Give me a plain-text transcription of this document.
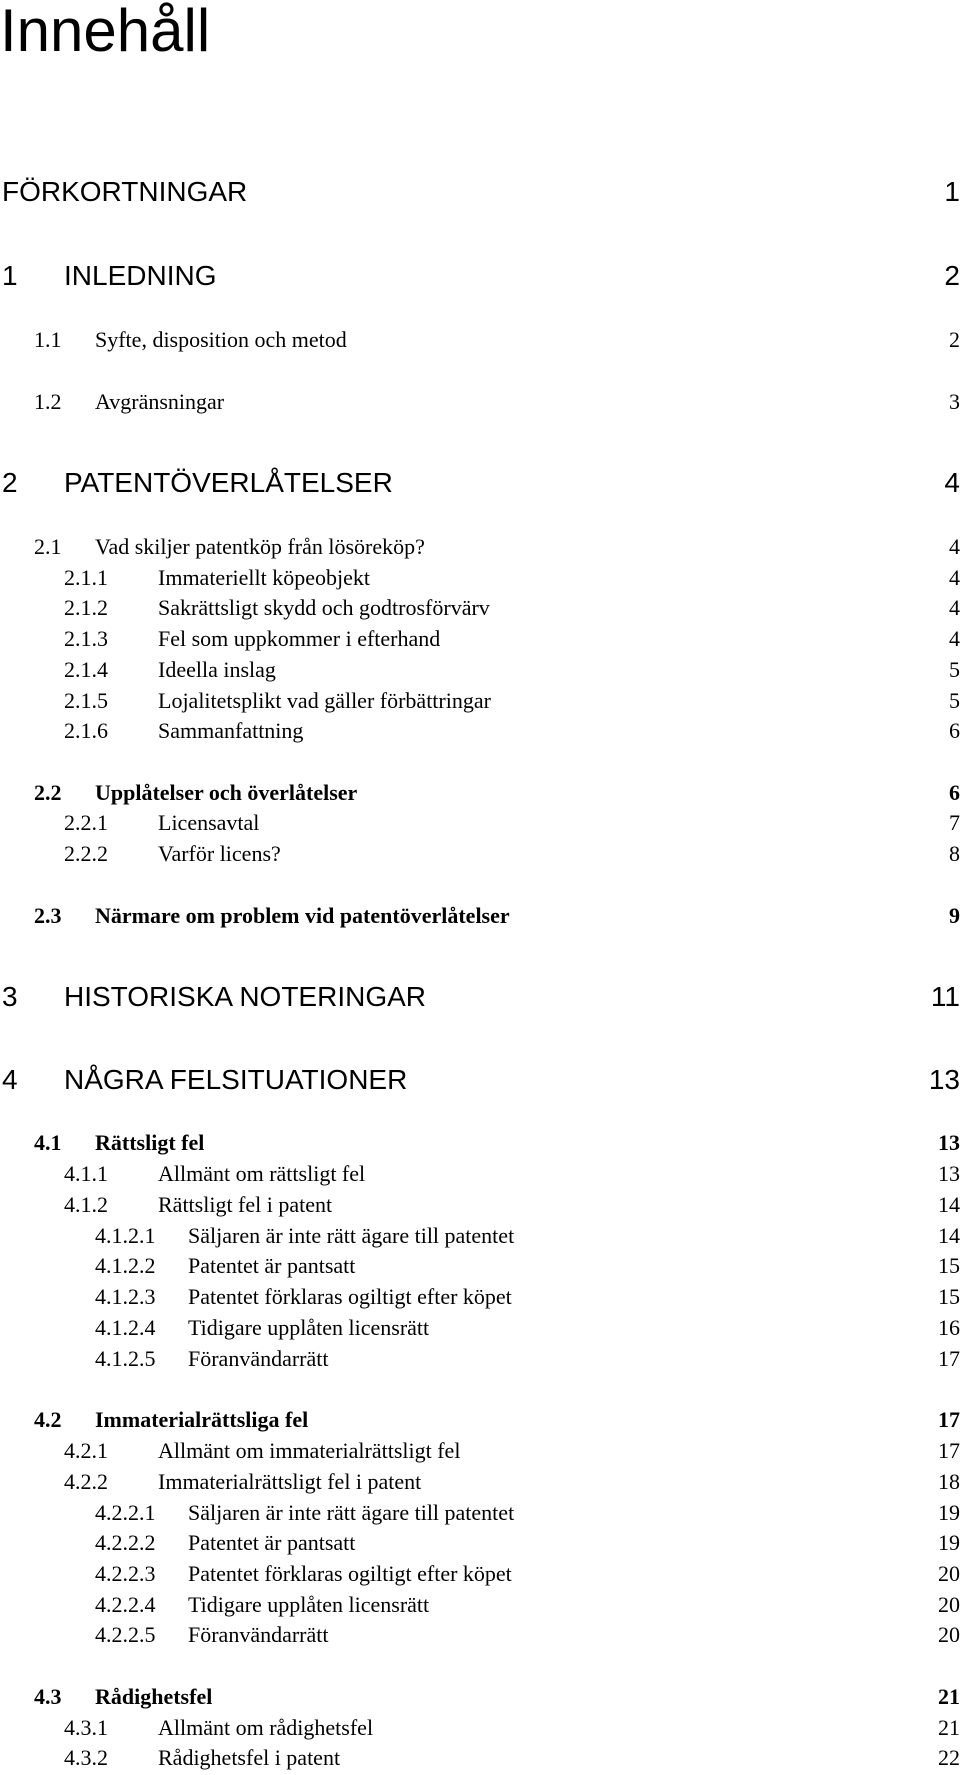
Innehåll
FÖRKORTNINGAR	1
1 INLEDNING	2
1.1 Syfte, disposition och metod	2
1.2 Avgränsningar	3
2 PATENTÖVERLÅTELSER	4
2.1 Vad skiljer patentköp från lösöreköp?	4
2.1.1 Immateriellt köpeobjekt	4
2.1.2 Sakrättsligt skydd och godtrosförvärv	4
2.1.3 Fel som uppkommer i efterhand	4
2.1.4 Ideella inslag	5
2.1.5 Lojalitetsplikt vad gäller förbättringar	5
2.1.6 Sammanfattning	6
2.2 Upplåtelser och överlåtelser	6
2.2.1 Licensavtal	7
2.2.2 Varför licens?	8
2.3 Närmare om problem vid patentöverlåtelser	9
3 HISTORISKA NOTERINGAR	11
4 NÅGRA FELSITUATIONER	13
4.1 Rättsligt fel	13
4.1.1 Allmänt om rättsligt fel	13
4.1.2 Rättsligt fel i patent	14
4.1.2.1 Säljaren är inte rätt ägare till patentet	14
4.1.2.2 Patentet är pantsatt	15
4.1.2.3 Patentet förklaras ogiltigt efter köpet	15
4.1.2.4 Tidigare upplåten licensrätt	16
4.1.2.5 Föranvändarrätt	17
4.2 Immaterialrättsliga fel	17
4.2.1 Allmänt om immaterialrättsligt fel	17
4.2.2 Immaterialrättsligt fel i patent	18
4.2.2.1 Säljaren är inte rätt ägare till patentet	19
4.2.2.2 Patentet är pantsatt	19
4.2.2.3 Patentet förklaras ogiltigt efter köpet	20
4.2.2.4 Tidigare upplåten licensrätt	20
4.2.2.5 Föranvändarrätt	20
4.3 Rådighetsfel	21
4.3.1 Allmänt om rådighetsfel	21
4.3.2 Rådighetsfel i patent	22
